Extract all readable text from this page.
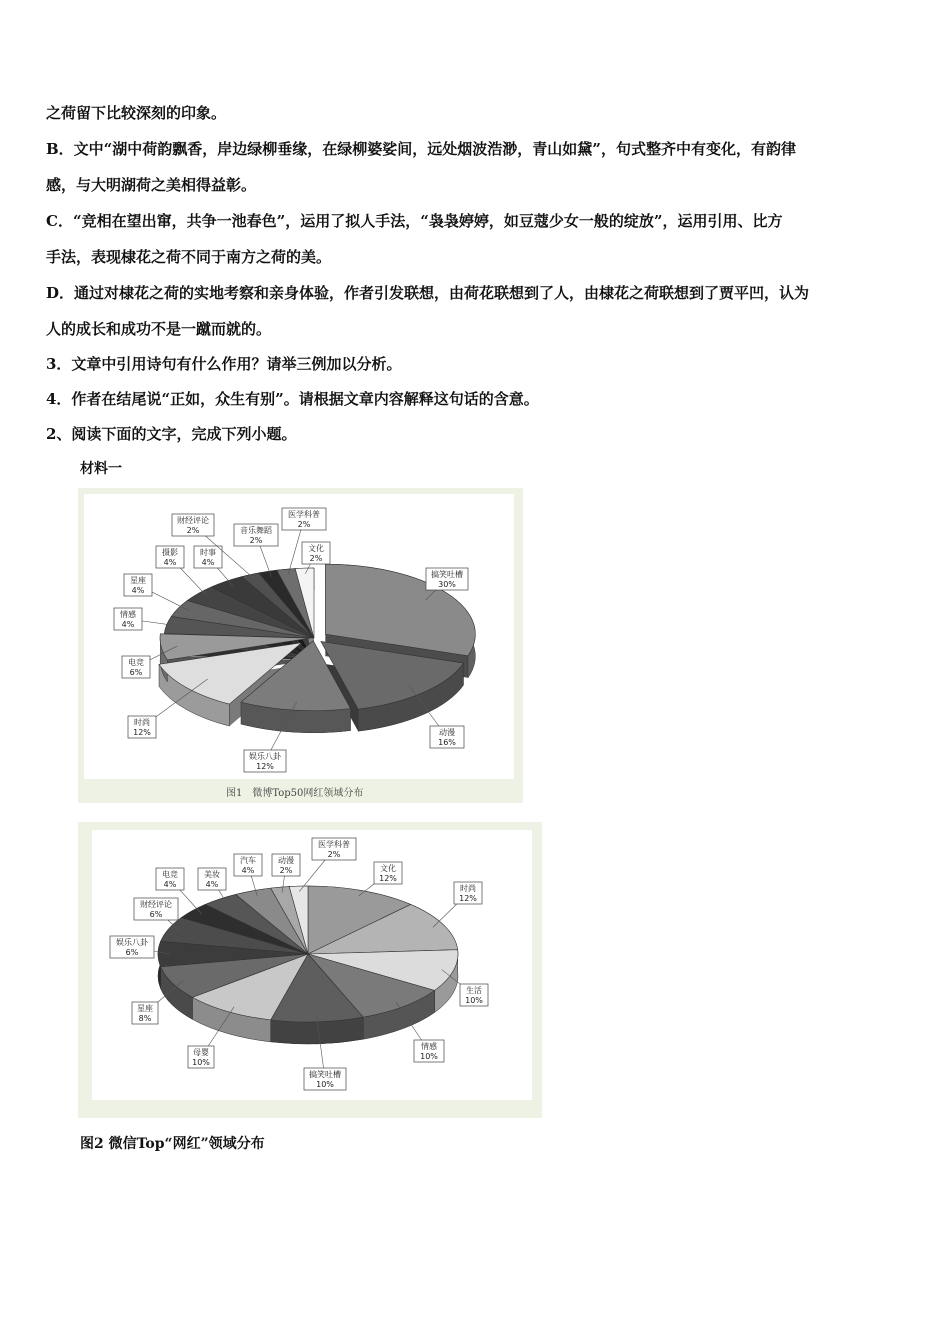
之荷留下比较深刻的印象。
B．文中“湖中荷韵飘香，岸边绿柳垂缘，在绿柳婆娑间，远处烟波浩渺，青山如黛”，句式整齐中有变化，有韵律
感，与大明湖荷之美相得益彰。
C．“竞相在望出窜，共争一池春色”，运用了拟人手法，“袅袅婷婷，如豆蔻少女一般的绽放”，运用引用、比方
手法，表现棣花之荷不同于南方之荷的美。
D．通过对棣花之荷的实地考察和亲身体验，作者引发联想，由荷花联想到了人，由棣花之荷联想到了贾平凹，认为
人的成长和成功不是一蹴而就的。
3．文章中引用诗句有什么作用？请举三例加以分析。
4．作者在结尾说“正如，众生有别”。请根据文章内容解释这句话的含意。
2、阅读下面的文字，完成下列小题。
材料一
搞笑吐槽
30%
动漫
16%
娱乐八卦
12%
时尚
12%
电竞
6%
情感
4%
星座
4%
摄影
4%
时事
4%
财经评论
2%	音乐舞蹈
2%
医学科普
2%
文化
2%
图1　微博Top50网红领域分布
文化
12%
时尚
12%
生活
10%
情感
10%
搞笑吐槽
10%
母婴
10%
星座
8%
娱乐八卦
6%
财经评论
6%
电竞
4%
美妆
4%
汽车
4%
动漫
2%
医学科普
2%
图2 微信Top“网红”领域分布
